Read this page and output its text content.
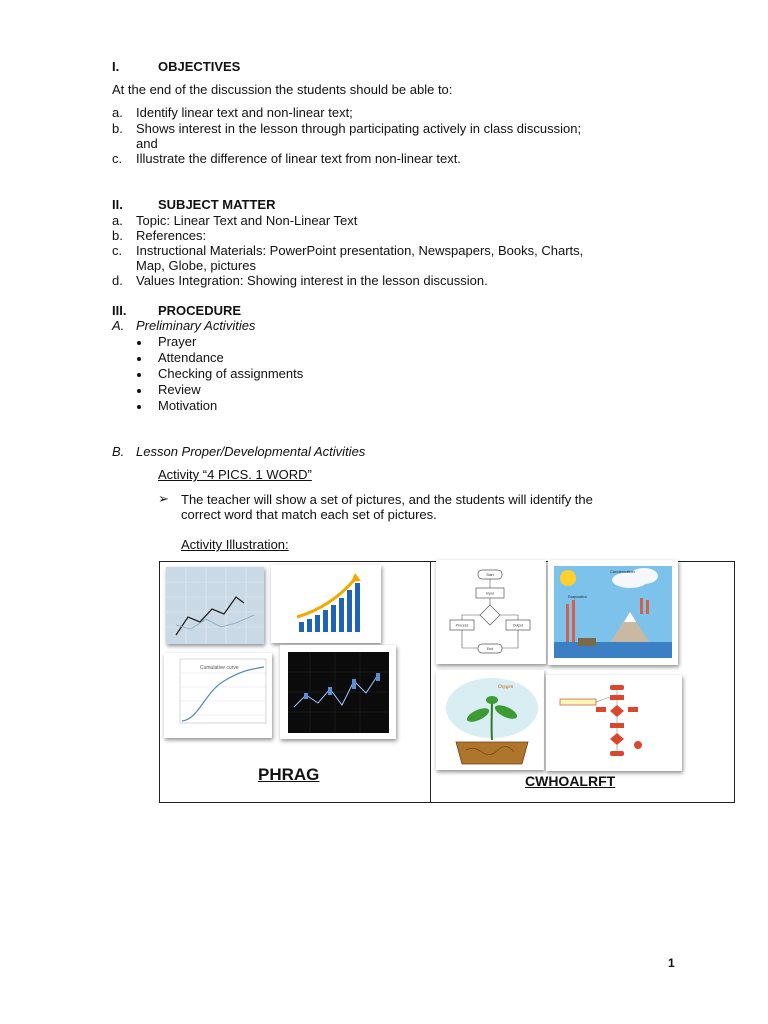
I.	OBJECTIVES
At the end of the discussion the students should be able to:
a. Identify linear text and non-linear text;
b. Shows interest in the lesson through participating actively in class discussion;
and
c. Illustrate the difference of linear text from non-linear text.
II.	SUBJECT MATTER
a. Topic: Linear Text and Non-Linear Text
b. References:
c. Instructional Materials: PowerPoint presentation, Newspapers, Books, Charts,
Map, Globe, pictures
d. Values Integration: Showing interest in the lesson discussion.
III. PROCEDURE
A. Preliminary Activities
Prayer
Attendance
Checking of assignments
Review
Motivation
B. Lesson Proper/Developmental Activities
Activity “4 PICS. 1 WORD”
➢ The teacher will show a set of pictures, and the students will identify the
correct word that match each set of pictures.
Activity Illustration:
Cumulative curve
PHRAG
Start
Input
Process	Output
End
Condensation
Evaporation
Oxygen
CWHOALRFT
1
